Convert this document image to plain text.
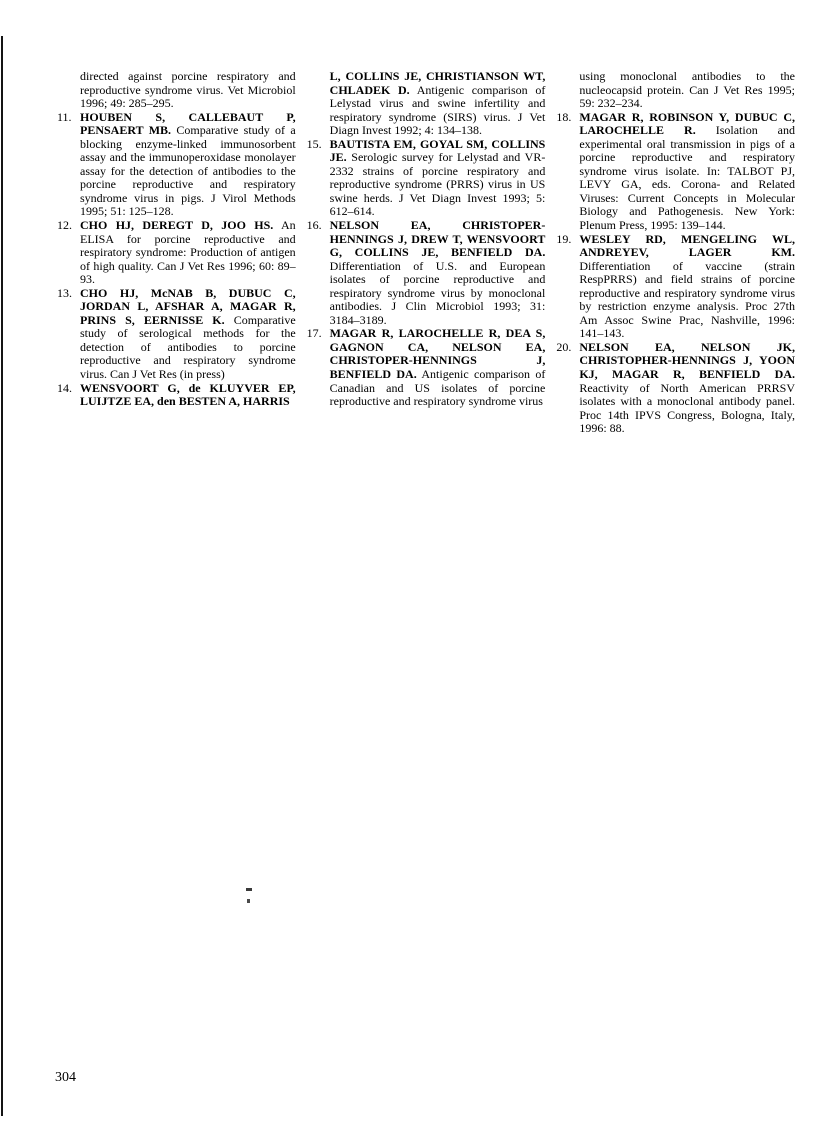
directed against porcine respiratory and reproductive syndrome virus. Vet Microbiol 1996; 49: 285–295.
11. HOUBEN S, CALLEBAUT P, PENSAERT MB. Comparative study of a blocking enzyme-linked immunosorbent assay and the immunoperoxidase monolayer assay for the detection of antibodies to the porcine reproductive and respiratory syndrome virus in pigs. J Virol Methods 1995; 51: 125–128.
12. CHO HJ, DEREGT D, JOO HS. An ELISA for porcine reproductive and respiratory syndrome: Production of antigen of high quality. Can J Vet Res 1996; 60: 89–93.
13. CHO HJ, McNAB B, DUBUC C, JORDAN L, AFSHAR A, MAGAR R, PRINS S, EERNISSE K. Comparative study of serological methods for the detection of antibodies to porcine reproductive and respiratory syndrome virus. Can J Vet Res (in press)
14. WENSVOORT G, de KLUYVER EP, LUIJTZE EA, den BESTEN A, HARRIS
L, COLLINS JE, CHRISTIANSON WT, CHLADEK D. Antigenic comparison of Lelystad virus and swine infertility and respiratory syndrome (SIRS) virus. J Vet Diagn Invest 1992; 4: 134–138.
15. BAUTISTA EM, GOYAL SM, COLLINS JE. Serologic survey for Lelystad and VR-2332 strains of porcine respiratory and reproductive syndrome (PRRS) virus in US swine herds. J Vet Diagn Invest 1993; 5: 612–614.
16. NELSON EA, CHRISTOPER-HENNINGS J, DREW T, WENSVOORT G, COLLINS JE, BENFIELD DA. Differentiation of U.S. and European isolates of porcine reproductive and respiratory syndrome virus by monoclonal antibodies. J Clin Microbiol 1993; 31: 3184–3189.
17. MAGAR R, LAROCHELLE R, DEA S, GAGNON CA, NELSON EA, CHRISTOPER-HENNINGS J, BENFIELD DA. Antigenic comparison of Canadian and US isolates of porcine reproductive and respiratory syndrome virus
using monoclonal antibodies to the nucleocapsid protein. Can J Vet Res 1995; 59: 232–234.
18. MAGAR R, ROBINSON Y, DUBUC C, LAROCHELLE R. Isolation and experimental oral transmission in pigs of a porcine reproductive and respiratory syndrome virus isolate. In: TALBOT PJ, LEVY GA, eds. Corona- and Related Viruses: Current Concepts in Molecular Biology and Pathogenesis. New York: Plenum Press, 1995: 139–144.
19. WESLEY RD, MENGELING WL, ANDREYEV, LAGER KM. Differentiation of vaccine (strain RespPRRS) and field strains of porcine reproductive and respiratory syndrome virus by restriction enzyme analysis. Proc 27th Am Assoc Swine Prac, Nashville, 1996: 141–143.
20. NELSON EA, NELSON JK, CHRISTOPHER-HENNINGS J, YOON KJ, MAGAR R, BENFIELD DA. Reactivity of North American PRRSV isolates with a monoclonal antibody panel. Proc 14th IPVS Congress, Bologna, Italy, 1996: 88.
304
